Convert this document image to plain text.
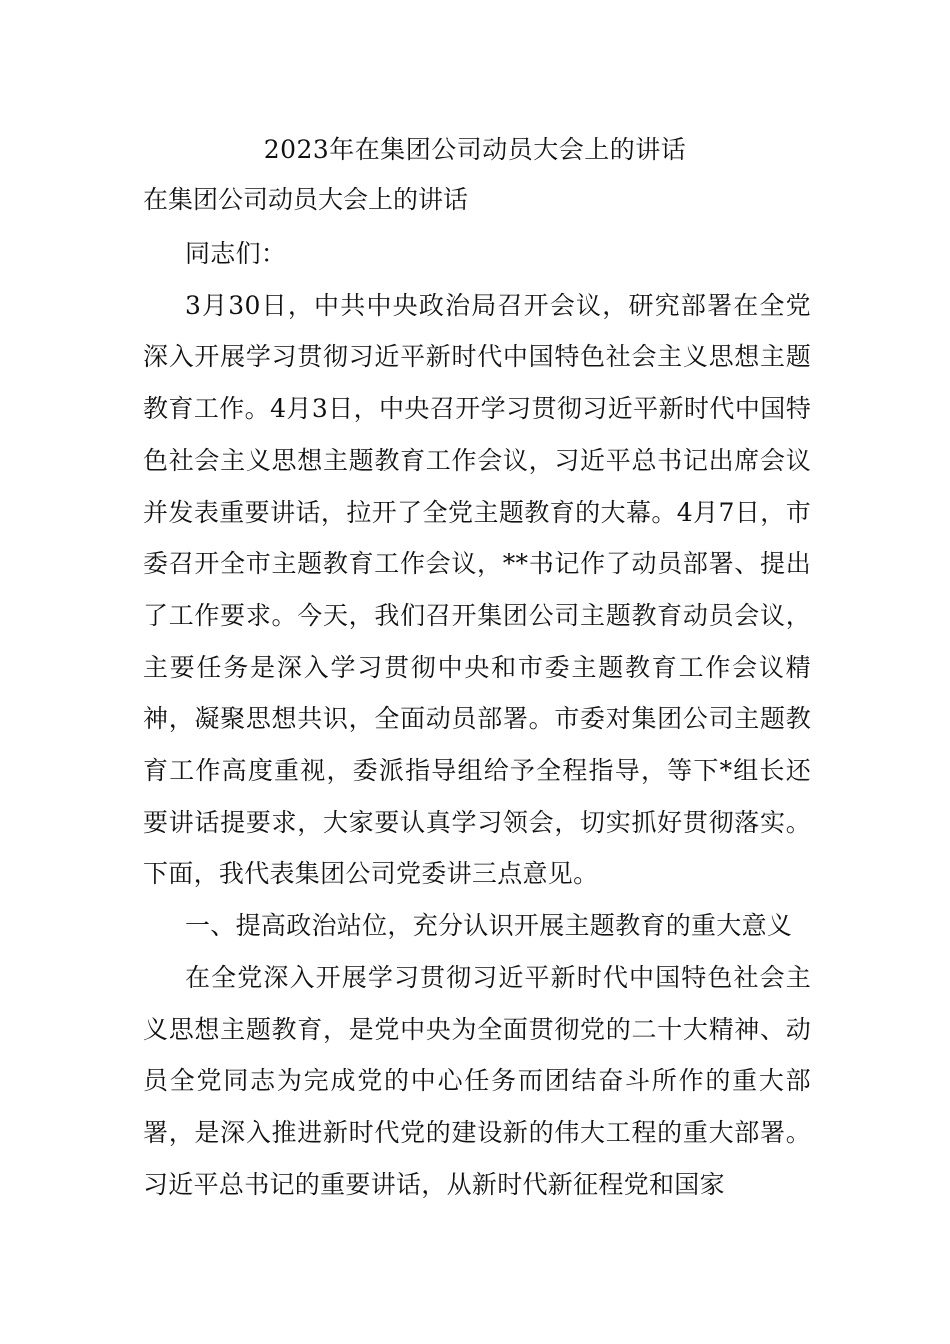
2023年在集团公司动员大会上的讲话
在集团公司动员大会上的讲话

同志们：

3月30日，中共中央政治局召开会议，研究部署在全党深入开展学习贯彻习近平新时代中国特色社会主义思想主题教育工作。4月3日，中央召开学习贯彻习近平新时代中国特色社会主义思想主题教育工作会议，习近平总书记出席会议并发表重要讲话，拉开了全党主题教育的大幕。4月7日，市委召开全市主题教育工作会议，**书记作了动员部署、提出了工作要求。今天，我们召开集团公司主题教育动员会议，主要任务是深入学习贯彻中央和市委主题教育工作会议精神，凝聚思想共识，全面动员部署。市委对集团公司主题教育工作高度重视，委派指导组给予全程指导，等下*组长还要讲话提要求，大家要认真学习领会，切实抓好贯彻落实。下面，我代表集团公司党委讲三点意见。

一、提高政治站位，充分认识开展主题教育的重大意义

在全党深入开展学习贯彻习近平新时代中国特色社会主义思想主题教育，是党中央为全面贯彻党的二十大精神、动员全党同志为完成党的中心任务而团结奋斗所作的重大部署，是深入推进新时代党的建设新的伟大工程的重大部署。习近平总书记的重要讲话，从新时代新征程党和国家
